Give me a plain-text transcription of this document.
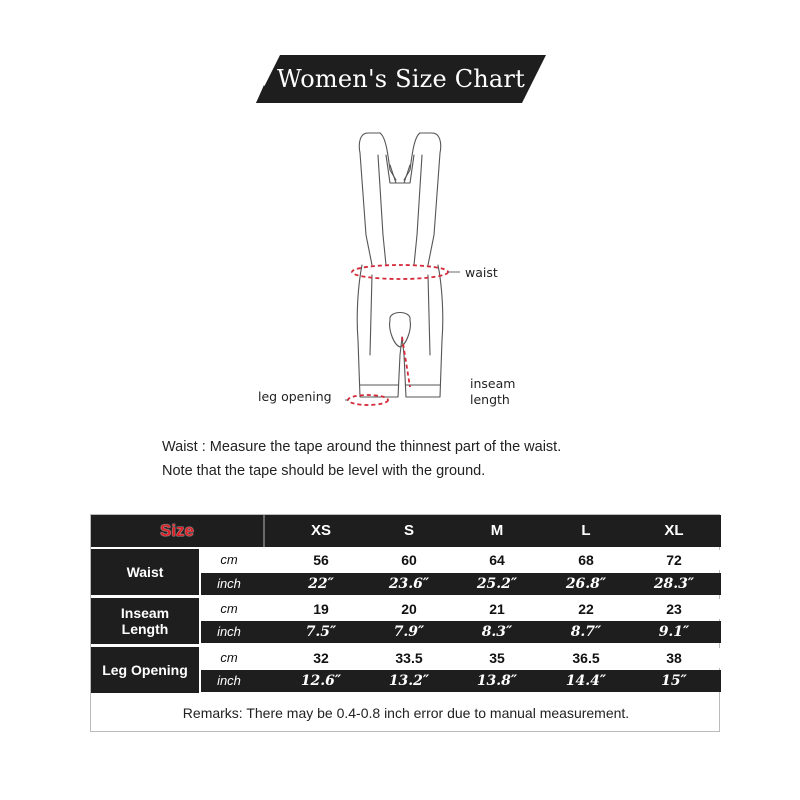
Women's Size Chart
waist
leg opening
inseam
length
Waist : Measure the tape around the thinnest part of the waist.
Note that the tape should be level with the ground.
Size	XS	S	M	L	XL
Waist
cm	56	60	64	68	72
inch	22″	23.6″	25.2″	26.8″	28.3″
Inseam Length
cm	19	20	21	22	23
inch	7.5″	7.9″	8.3″	8.7″	9.1″
Leg Opening
cm	32	33.5	35	36.5	38
inch	12.6″	13.2″	13.8″	14.4″	15″
Remarks: There may be 0.4-0.8 inch error due to manual measurement.
